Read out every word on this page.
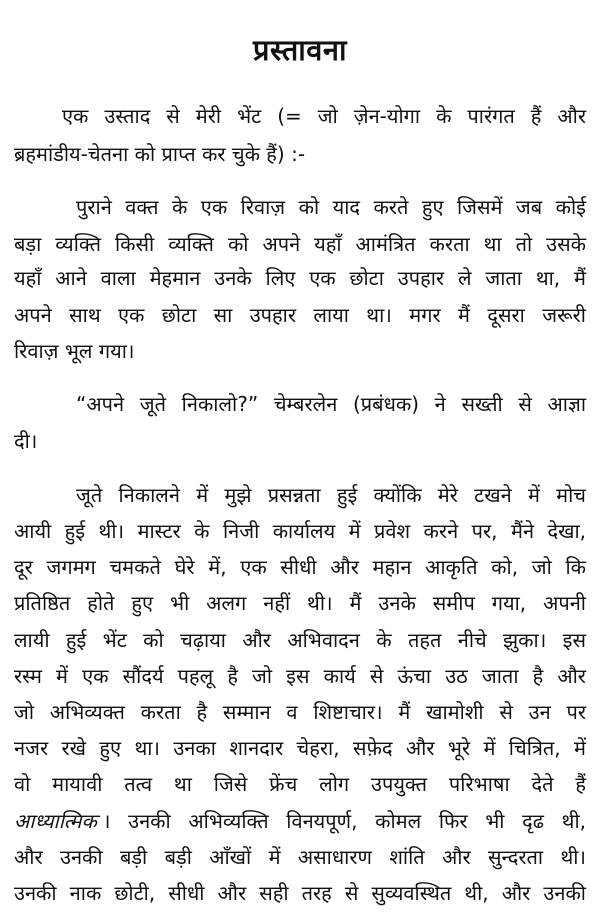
प्रस्तावना
एक उस्ताद से मेरी भेंट (= जो ज़ेन-योगा के पारंगत हैं और
ब्रहमांडीय-चेतना को प्राप्त कर चुके हैं) :-
पुराने वक्त के एक रिवाज़ को याद करते हुए जिसमें जब कोई
बड़ा व्यक्ति किसी व्यक्ति को अपने यहाँ आमंत्रित करता था तो उसके
यहाँ आने वाला मेहमान उनके लिए एक छोटा उपहार ले जाता था, मैं
अपने साथ एक छोटा सा उपहार लाया था। मगर मैं दूसरा जरूरी
रिवाज़ भूल गया।
“अपने जूते निकालो?” चेम्बरलेन (प्रबंधक) ने सख्ती से आज्ञा
दी।
जूते निकालने में मुझे प्रसन्नता हुई क्योंकि मेरे टखने में मोच
आयी हुई थी। मास्टर के निजी कार्यालय में प्रवेश करने पर, मैंने देखा,
दूर जगमग चमकते घेरे में, एक सीधी और महान आकृति को, जो कि
प्रतिष्ठित होते हुए भी अलग नहीं थी। मैं उनके समीप गया, अपनी
लायी हुई भेंट को चढ़ाया और अभिवादन के तहत नीचे झुका। इस
रस्म में एक सौंदर्य पहलू है जो इस कार्य से ऊंचा उठ जाता है और
जो अभिव्यक्त करता है सम्मान व शिष्टाचार। मैं खामोशी से उन पर
नजर रखे हुए था। उनका शानदार चेहरा, सफ़ेद और भूरे में चित्रित, में
वो मायावी तत्व था जिसे फ्रेंच लोग उपयुक्त परिभाषा देते हैं
आध्यात्मिक । उनकी अभिव्यक्ति विनयपूर्ण, कोमल फिर भी दृढ थी,
और उनकी बड़ी बड़ी आँखों में असाधारण शांति और सुन्दरता थी।
उनकी नाक छोटी, सीधी और सही तरह से सुव्यवस्थित थी, और उनकी
